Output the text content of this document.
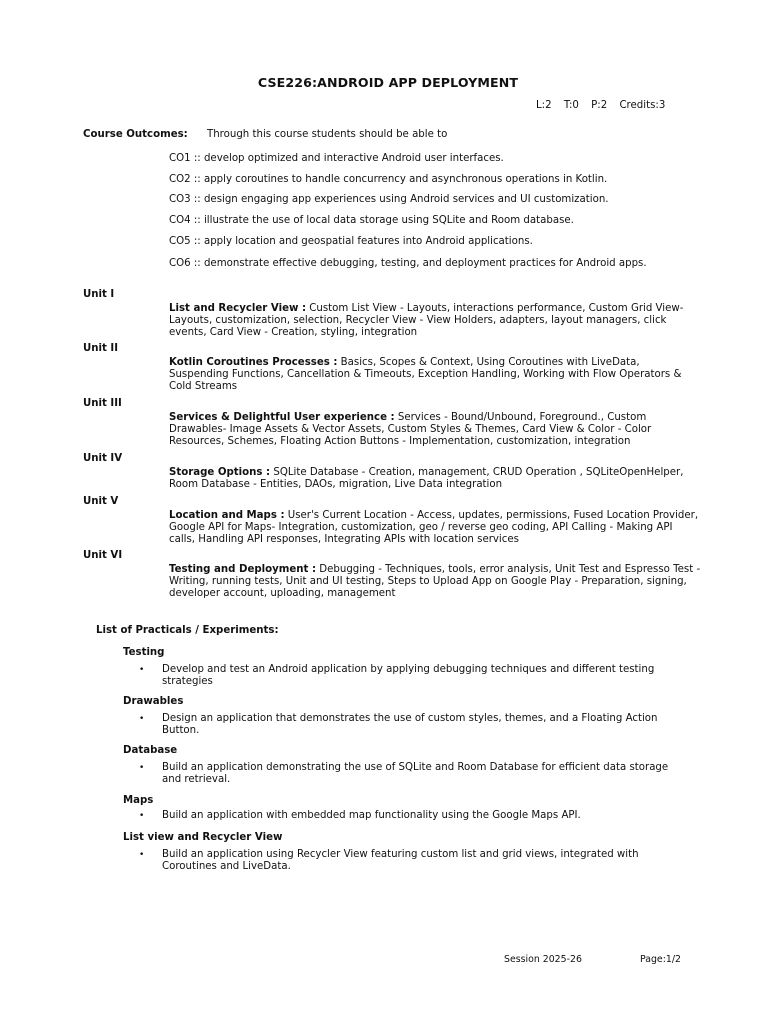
CSE226:ANDROID APP DEPLOYMENT
L:2 T:0 P:2 Credits:3
Course Outcomes: Through this course students should be able to
CO1 :: develop optimized and interactive Android user interfaces.
CO2 :: apply coroutines to handle concurrency and asynchronous operations in Kotlin.
CO3 :: design engaging app experiences using Android services and UI customization.
CO4 :: illustrate the use of local data storage using SQLite and Room database.
CO5 :: apply location and geospatial features into Android applications.
CO6 :: demonstrate effective debugging, testing, and deployment practices for Android apps.
Unit I
List and Recycler View : Custom List View - Layouts, interactions performance, Custom Grid View-Layouts, customization, selection, Recycler View - View Holders, adapters, layout managers, click events, Card View - Creation, styling, integration
Unit II
Kotlin Coroutines Processes : Basics, Scopes & Context, Using Coroutines with LiveData, Suspending Functions, Cancellation & Timeouts, Exception Handling, Working with Flow Operators & Cold Streams
Unit III
Services & Delightful User experience : Services - Bound/Unbound, Foreground., Custom Drawables- Image Assets & Vector Assets, Custom Styles & Themes, Card View & Color - Color Resources, Schemes, Floating Action Buttons - Implementation, customization, integration
Unit IV
Storage Options : SQLite Database - Creation, management, CRUD Operation , SQLiteOpenHelper, Room Database - Entities, DAOs, migration, Live Data integration
Unit V
Location and Maps : User's Current Location - Access, updates, permissions, Fused Location Provider, Google API for Maps- Integration, customization, geo / reverse geo coding, API Calling - Making API calls, Handling API responses, Integrating APIs with location services
Unit VI
Testing and Deployment : Debugging - Techniques, tools, error analysis, Unit Test and Espresso Test - Writing, running tests, Unit and UI testing, Steps to Upload App on Google Play - Preparation, signing, developer account, uploading, management
List of Practicals / Experiments:
Testing
• Develop and test an Android application by applying debugging techniques and different testing strategies
Drawables
• Design an application that demonstrates the use of custom styles, themes, and a Floating Action Button.
Database
• Build an application demonstrating the use of SQLite and Room Database for efficient data storage and retrieval.
Maps
• Build an application with embedded map functionality using the Google Maps API.
List view and Recycler View
• Build an application using Recycler View featuring custom list and grid views, integrated with Coroutines and LiveData.
Session 2025-26	Page:1/2
